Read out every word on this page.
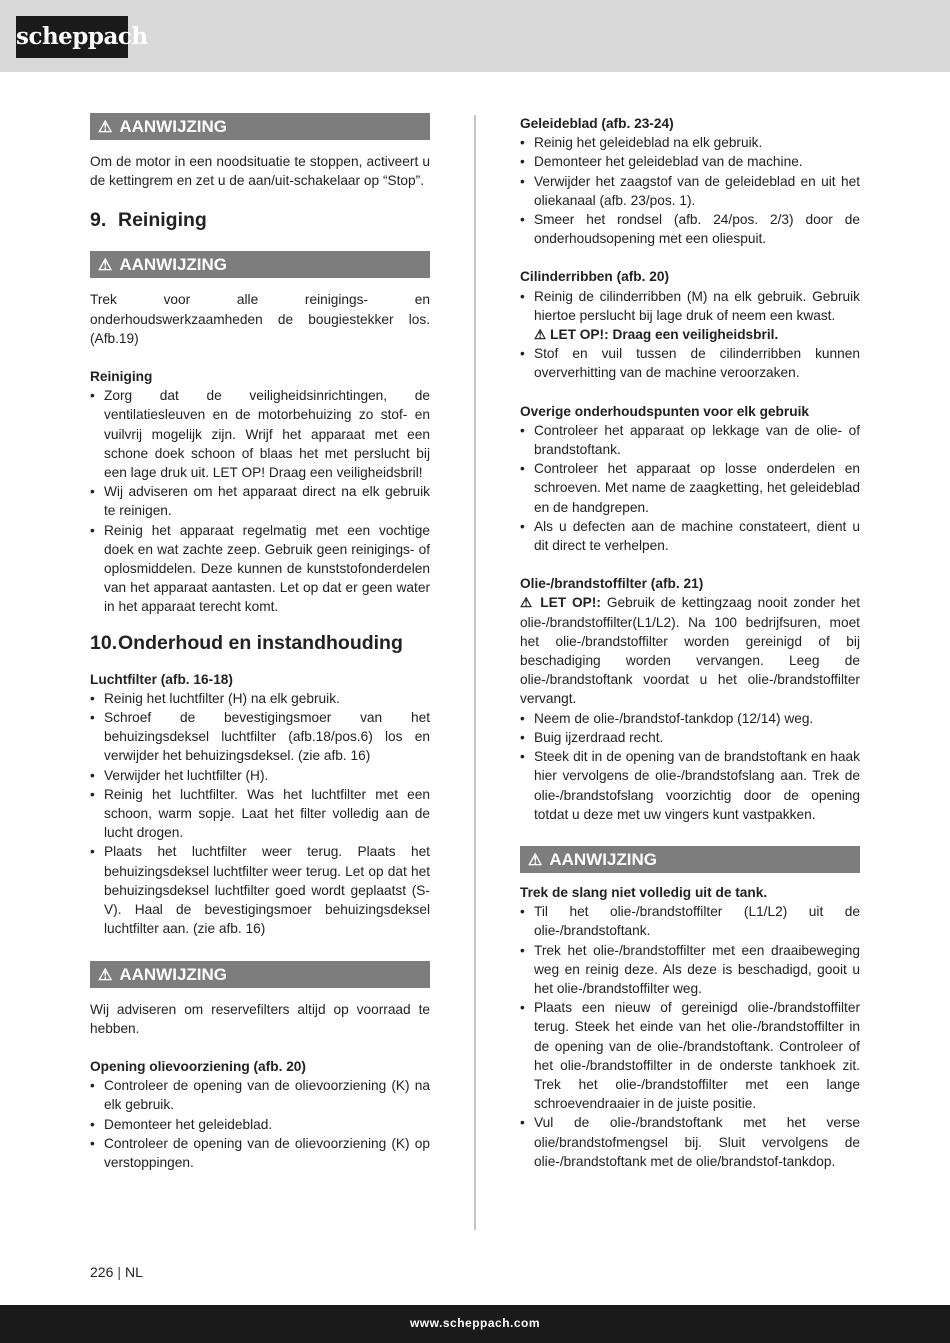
scheppach
⚠ AANWIJZING

Om de motor in een noodsituatie te stoppen, activeert u de kettingrem en zet u de aan/uit-schakelaar op “Stop”.

9. Reiniging
⚠ AANWIJZING

Trek voor alle reinigings- en onderhoudswerkzaamheden de bougiestekker los. (Afb.19)

Reiniging
• Zorg dat de veiligheidsinrichtingen, de ventilatiesleuven en de motorbehuizing zo stof- en vuilvrij mogelijk zijn. Wrijf het apparaat met een schone doek schoon of blaas het met perslucht bij een lage druk uit. LET OP! Draag een veiligheidsbril!
• Wij adviseren om het apparaat direct na elk gebruik te reinigen.
• Reinig het apparaat regelmatig met een vochtige doek en wat zachte zeep. Gebruik geen reinigings- of oplosmiddelen. Deze kunnen de kunststofonderdelen van het apparaat aantasten. Let op dat er geen water in het apparaat terecht komt.
10.Onderhoud en instandhouding
Luchtfilter (afb. 16-18)
• Reinig het luchtfilter (H) na elk gebruik.
• Schroef de bevestigingsmoer van het behuizingsdeksel luchtfilter (afb.18/pos.6) los en verwijder het behuizingsdeksel. (zie afb. 16)
• Verwijder het luchtfilter (H).
• Reinig het luchtfilter. Was het luchtfilter met een schoon, warm sopje. Laat het filter volledig aan de lucht drogen.
• Plaats het luchtfilter weer terug. Plaats het behuizingsdeksel luchtfilter weer terug. Let op dat het behuizingsdeksel luchtfilter goed wordt geplaatst (S-V). Haal de bevestigingsmoer behuizingsdeksel luchtfilter aan. (zie afb. 16)
⚠ AANWIJZING

Wij adviseren om reservefilters altijd op voorraad te hebben.

Opening olievoorziening (afb. 20)
• Controleer de opening van de olievoorziening (K) na elk gebruik.
• Demonteer het geleideblad.
• Controleer de opening van de olievoorziening (K) op verstoppingen.
Geleideblad (afb. 23-24)
• Reinig het geleideblad na elk gebruik.
• Demonteer het geleideblad van de machine.
• Verwijder het zaagstof van de geleideblad en uit het oliekanaal (afb. 23/pos. 1).
• Smeer het rondsel (afb. 24/pos. 2/3) door de onderhoudsopening met een oliespuit.
Cilinderribben (afb. 20)
• Reinig de cilinderribben (M) na elk gebruik. Gebruik hiertoe perslucht bij lage druk of neem een kwast.
⚠ LET OP!: Draag een veiligheidsbril.
• Stof en vuil tussen de cilinderribben kunnen oververhitting van de machine veroorzaken.
Overige onderhoudspunten voor elk gebruik
• Controleer het apparaat op lekkage van de olie- of brandstoftank.
• Controleer het apparaat op losse onderdelen en schroeven. Met name de zaagketting, het geleideblad en de handgrepen.
• Als u defecten aan de machine constateert, dient u dit direct te verhelpen.
Olie-/brandstoffilter (afb. 21)

⚠ LET OP!: Gebruik de kettingzaag nooit zonder het olie-/brandstoffilter(L1/L2). Na 100 bedrijfsuren, moet het olie-/brandstoffilter worden gereinigd of bij beschadiging worden vervangen. Leeg de olie-/brandstoftank voordat u het olie-/brandstoffilter vervangt.

• Neem de olie-/brandstof-tankdop (12/14) weg.
• Buig ijzerdraad recht.
• Steek dit in de opening van de brandstoftank en haak hier vervolgens de olie-/brandstofslang aan. Trek de olie-/brandstofslang voorzichtig door de opening totdat u deze met uw vingers kunt vastpakken.
⚠ AANWIJZING
Trek de slang niet volledig uit de tank.
• Til het olie-/brandstoffilter (L1/L2) uit de olie-/brandstoftank.
• Trek het olie-/brandstoffilter met een draaibeweging weg en reinig deze. Als deze is beschadigd, gooit u het olie-/brandstoffilter weg.
• Plaats een nieuw of gereinigd olie-/brandstoffilter terug. Steek het einde van het olie-/brandstoffilter in de opening van de olie-/brandstoftank. Controleer of het olie-/brandstoffilter in de onderste tankhoek zit. Trek het olie-/brandstoffilter met een lange schroevendraaier in de juiste positie.
• Vul de olie-/brandstoftank met het verse olie/brandstofmengsel bij. Sluit vervolgens de olie-/brandstoftank met de olie/brandstof-tankdop.
226 | NL
www.scheppach.com
